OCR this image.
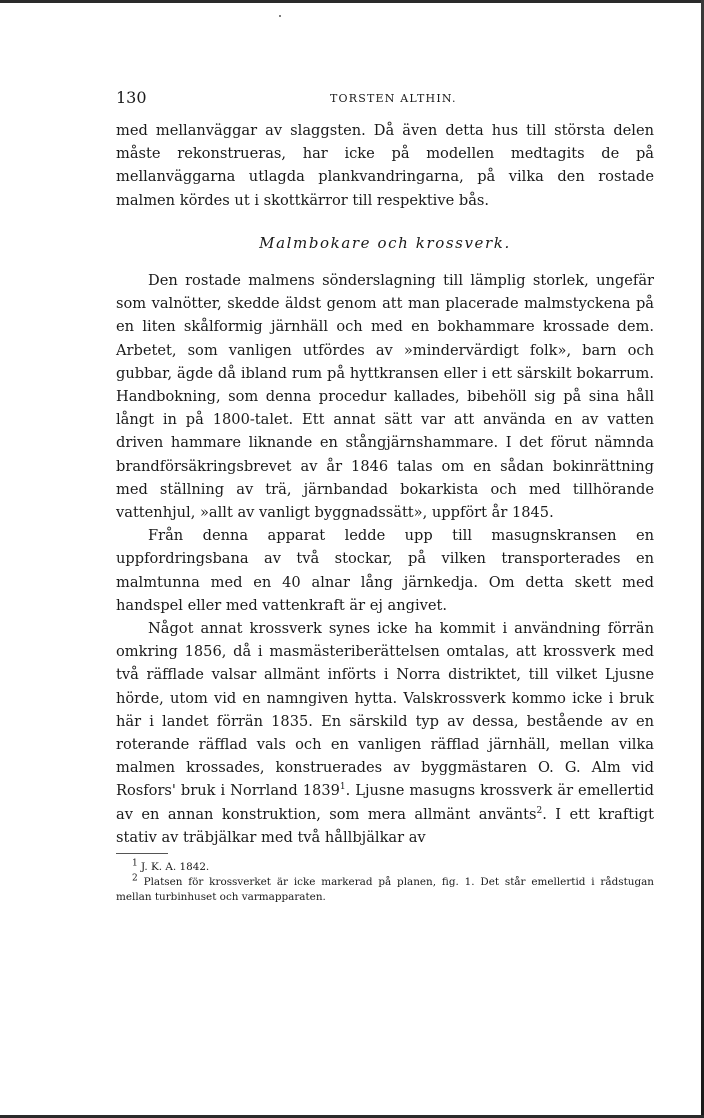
130	TORSTEN ALTHIN.

med mellanväggar av slaggsten. Då även detta hus till största delen måste rekonstrueras, har icke på modellen medtagits de på mellanväggarna utlagda plankvandringarna, på vilka den rostade malmen kördes ut i skottkärror till respektive bås.

Malmbokare och krossverk.

Den rostade malmens sönderslagning till lämplig storlek, ungefär som valnötter, skedde äldst genom att man placerade malmstyckena på en liten skålformig järnhäll och med en bokhammare krossade dem. Arbetet, som vanligen utfördes av »mindervärdigt folk», barn och gubbar, ägde då ibland rum på hyttkransen eller i ett särskilt bokarrum. Handbokning, som denna procedur kallades, bibehöll sig på sina håll långt in på 1800-talet. Ett annat sätt var att använda en av vatten driven hammare liknande en stångjärnshammare. I det förut nämnda brandförsäkringsbrevet av år 1846 talas om en sådan bokinrättning med ställning av trä, järnbandad bokarkista och med tillhörande vattenhjul, »allt av vanligt byggnadssätt», uppfört år 1845.

Från denna apparat ledde upp till masugnskransen en uppfordringsbana av två stockar, på vilken transporterades en malmtunna med en 40 alnar lång järnkedja. Om detta skett med handspel eller med vattenkraft är ej angivet.

Något annat krossverk synes icke ha kommit i användning förrän omkring 1856, då i masmästeriberättelsen omtalas, att krossverk med två räfflade valsar allmänt införts i Norra distriktet, till vilket Ljusne hörde, utom vid en namngiven hytta. Valskrossverk kommo icke i bruk här i landet förrän 1835. En särskild typ av dessa, bestående av en roterande räfflad vals och en vanligen räfflad järnhäll, mellan vilka malmen krossades, konstruerades av byggmästaren O. G. Alm vid Rosfors' bruk i Norrland 1839$^1$. Ljusne masugns krossverk är emellertid av en annan konstruktion, som mera allmänt använts$^2$. I ett kraftigt stativ av träbjälkar med två hållbjälkar av

$^1$ J. K. A. 1842.

$^2$ Platsen för krossverket är icke markerad på planen, fig. 1. Det står emellertid i rådstugan mellan turbinhuset och varmapparaten.
